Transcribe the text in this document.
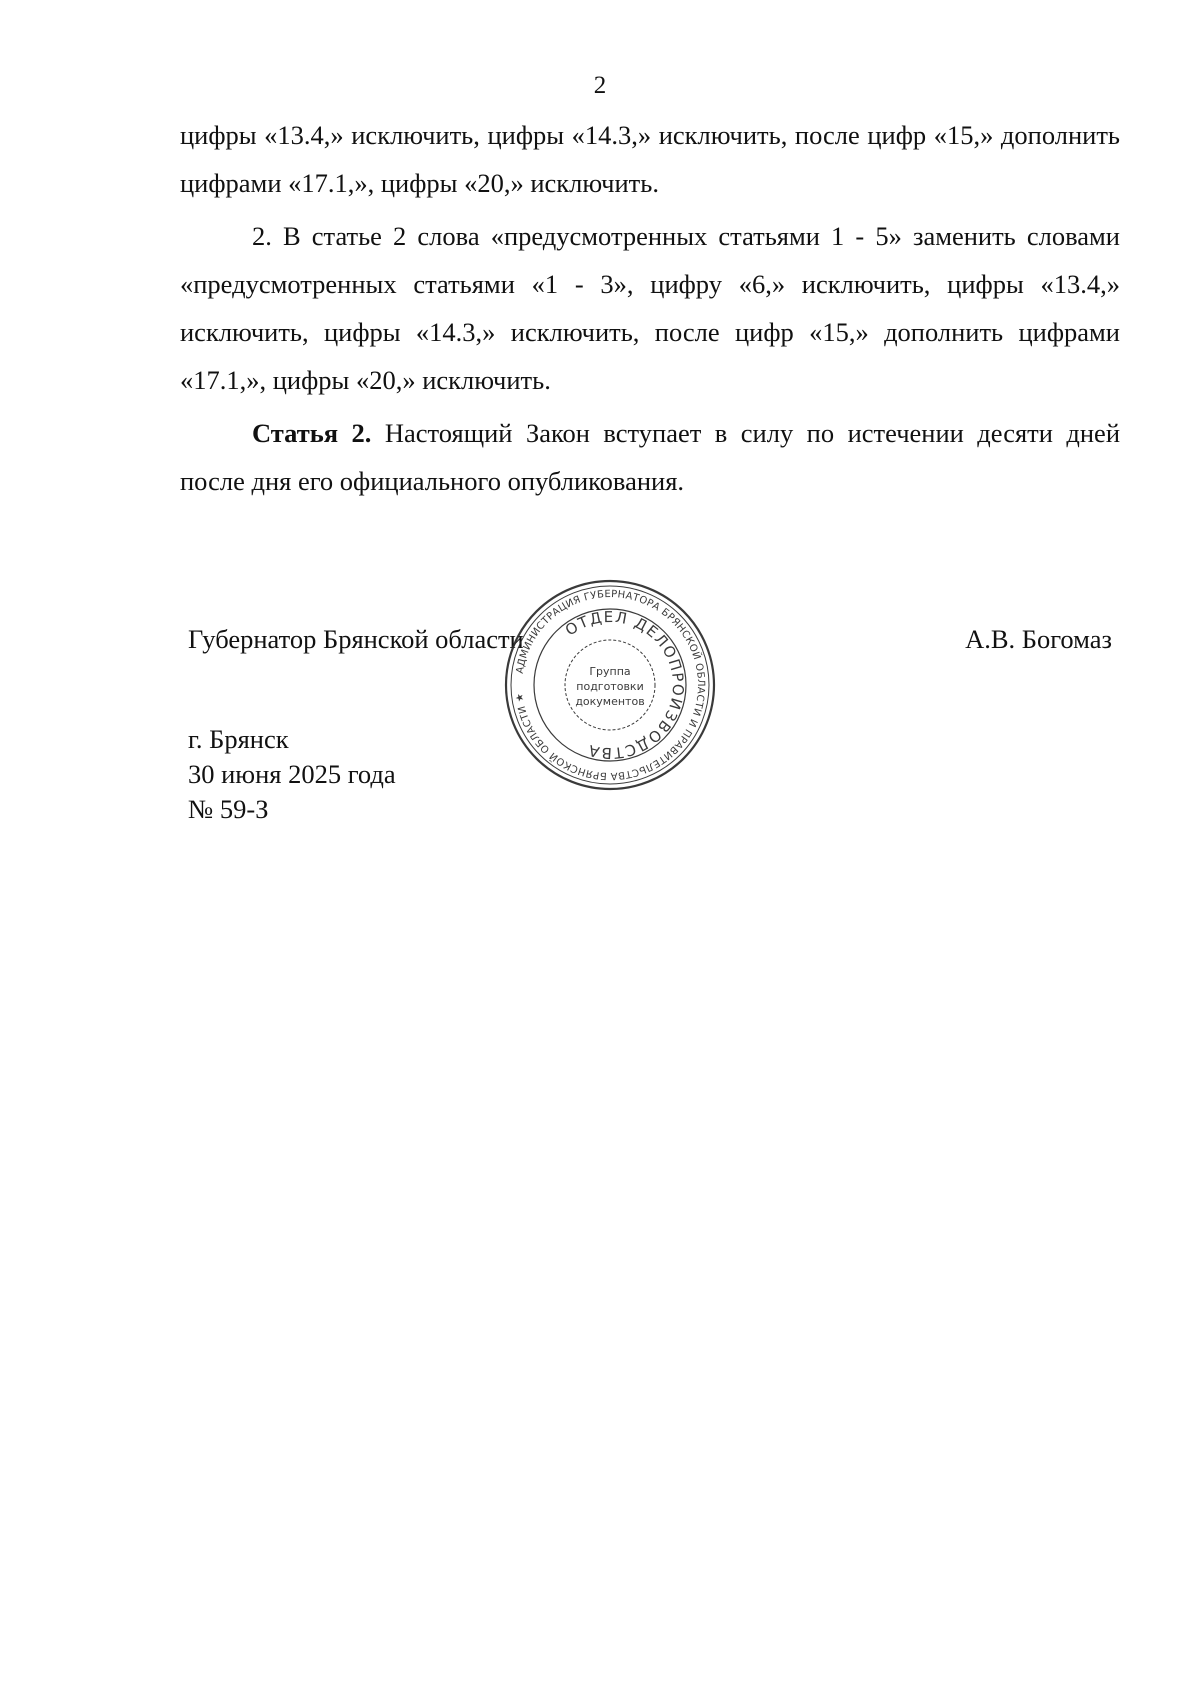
2

цифры «13.4,» исключить, цифры «14.3,» исключить, после цифр «15,» дополнить цифрами «17.1,», цифры «20,» исключить.

2. В статье 2 слова «предусмотренных статьями 1 - 5» заменить словами «предусмотренных статьями «1 - 3», цифру «6,» исключить, цифры «13.4,» исключить, цифры «14.3,» исключить, после цифр «15,» дополнить цифрами «17.1,», цифры «20,» исключить.

Статья 2. Настоящий Закон вступает в силу по истечении десяти дней после дня его официального опубликования.

Губернатор Брянской области	А.В. Богомаз
АДМИНИСТРАЦИЯ ГУБЕРНАТОРА БРЯНСКОЙ ОБЛАСТИ И ПРАВИТЕЛЬСТВА БРЯНСКОЙ ОБЛАСТИ ★
ОТДЕЛ ДЕЛОПРОИЗВОДСТВА
Группа
подготовки
документов
г. Брянск
30 июня 2025 года
№ 59-З
